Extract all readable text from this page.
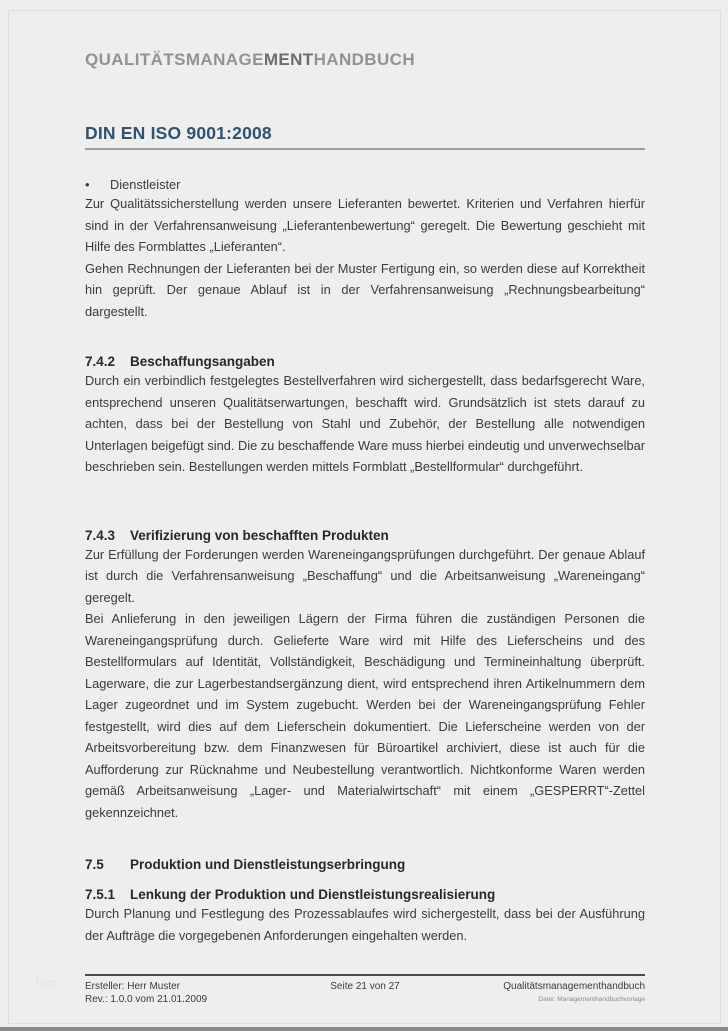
QUALITÄTSMANAGEMENTHANDBUCH
DIN EN ISO 9001:2008
•	Dienstleister

Zur Qualitätssicherstellung werden unsere Lieferanten bewertet. Kriterien und Verfahren hierfür sind in der Verfahrensanweisung „Lieferantenbewertung“ geregelt. Die Bewertung geschieht mit Hilfe des Formblattes „Lieferanten“.

Gehen Rechnungen der Lieferanten bei der Muster Fertigung ein, so werden diese auf Korrektheit hin geprüft. Der genaue Ablauf ist in der Verfahrensanweisung „Rechnungsbearbeitung“ dargestellt.

7.4.2	Beschaffungsangaben

Durch ein verbindlich festgelegtes Bestellverfahren wird sichergestellt, dass bedarfsgerecht Ware, entsprechend unseren Qualitätserwartungen, beschafft wird. Grundsätzlich ist stets darauf zu achten, dass bei der Bestellung von Stahl und Zubehör, der Bestellung alle notwendigen Unterlagen beigefügt sind. Die zu beschaffende Ware muss hierbei eindeutig und unverwechselbar beschrieben sein. Bestellungen werden mittels Formblatt „Bestellformular“ durchgeführt.

7.4.3	Verifizierung von beschafften Produkten

Zur Erfüllung der Forderungen werden Wareneingangsprüfungen durchgeführt. Der genaue Ablauf ist durch die Verfahrensanweisung „Beschaffung“ und die Arbeitsanweisung „Wareneingang“ geregelt.

Bei Anlieferung in den jeweiligen Lägern der Firma führen die zuständigen Personen die Wareneingangsprüfung durch. Gelieferte Ware wird mit Hilfe des Lieferscheins und des Bestellformulars auf Identität, Vollständigkeit, Beschädigung und Termineinhaltung überprüft. Lagerware, die zur Lagerbestandsergänzung dient, wird entsprechend ihren Artikelnummern dem Lager zugeordnet und im System zugebucht. Werden bei der Wareneingangsprüfung Fehler festgestellt, wird dies auf dem Lieferschein dokumentiert. Die Lieferscheine werden von der Arbeitsvorbereitung bzw. dem Finanzwesen für Büroartikel archiviert, diese ist auch für die Aufforderung zur Rücknahme und Neubestellung verantwortlich. Nichtkonforme Waren werden gemäß Arbeitsanweisung „Lager- und Materialwirtschaft“ mit einem „GESPERRT“-Zettel gekennzeichnet.

7.5	Produktion und Dienstleistungserbringung
7.5.1	Lenkung der Produktion und Dienstleistungsrealisierung

Durch Planung und Festlegung des Prozessablaufes wird sichergestellt, dass bei der Ausführung der Aufträge die vorgegebenen Anforderungen eingehalten werden.

hipp	Ersteller: Herr Muster
Rev.: 1.0.0 vom 21.01.2009
Seite 21 von 27	Qualitätsmanagementhandbuch
Datei: Managementhandbuchvorlage
